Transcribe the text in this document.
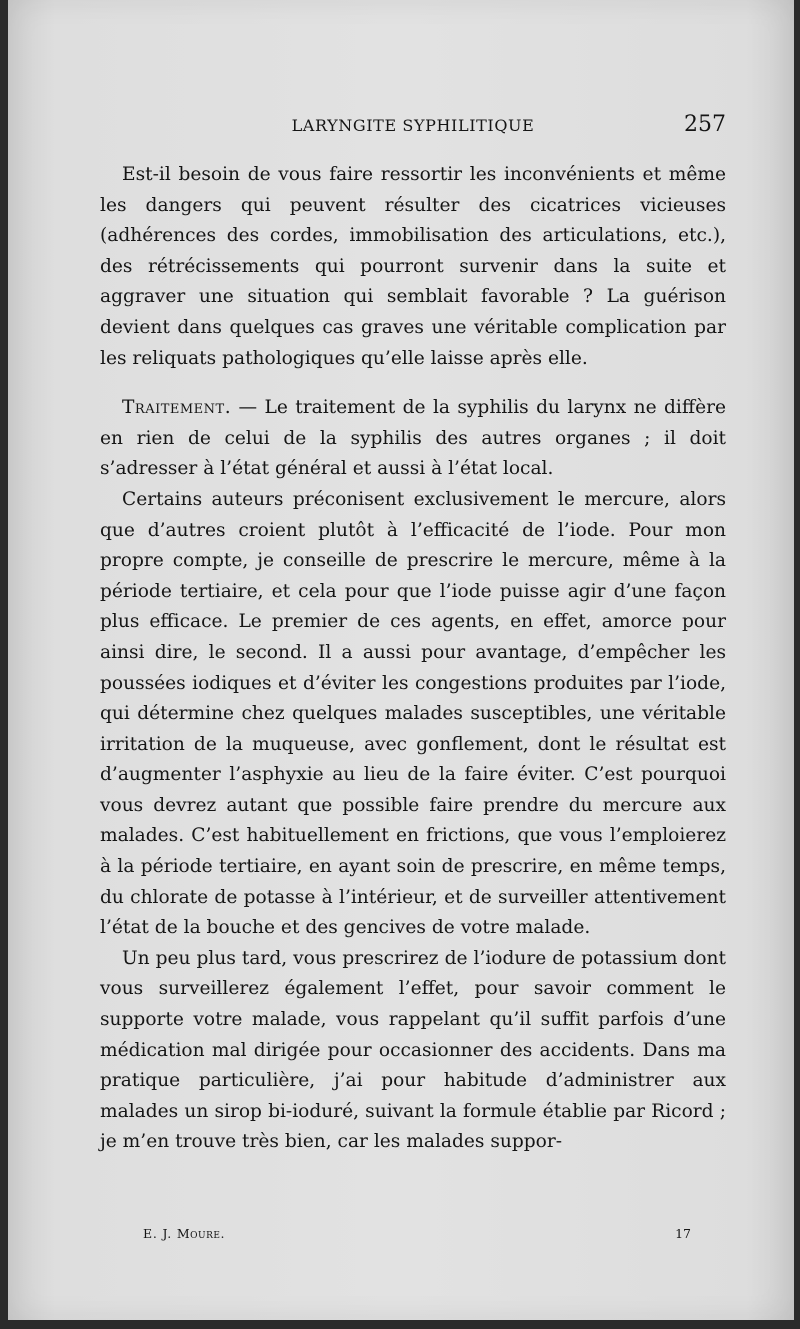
LARYNGITE SYPHILITIQUE	257

Est-il besoin de vous faire ressortir les inconvénients et même les dangers qui peuvent résulter des cicatrices vicieuses (adhérences des cordes, immobilisation des articulations, etc.), des rétrécissements qui pourront survenir dans la suite et aggraver une situation qui semblait favorable ? La guérison devient dans quelques cas graves une véritable complication par les reliquats pathologiques qu’elle laisse après elle.

Traitement. — Le traitement de la syphilis du larynx ne diffère en rien de celui de la syphilis des autres organes ; il doit s’adresser à l’état général et aussi à l’état local.

Certains auteurs préconisent exclusivement le mercure, alors que d’autres croient plutôt à l’efficacité de l’iode. Pour mon propre compte, je conseille de prescrire le mercure, même à la période tertiaire, et cela pour que l’iode puisse agir d’une façon plus efficace. Le premier de ces agents, en effet, amorce pour ainsi dire, le second. Il a aussi pour avantage, d’empêcher les poussées iodiques et d’éviter les congestions produites par l’iode, qui détermine chez quelques malades susceptibles, une véritable irritation de la muqueuse, avec gonflement, dont le résultat est d’augmenter l’asphyxie au lieu de la faire éviter. C’est pourquoi vous devrez autant que possible faire prendre du mercure aux malades. C’est habituellement en frictions, que vous l’emploierez à la période tertiaire, en ayant soin de prescrire, en même temps, du chlorate de potasse à l’intérieur, et de surveiller attentivement l’état de la bouche et des gencives de votre malade.

Un peu plus tard, vous prescrirez de l’iodure de potassium dont vous surveillerez également l’effet, pour savoir comment le supporte votre malade, vous rappelant qu’il suffit parfois d’une médication mal dirigée pour occasionner des accidents. Dans ma pratique particulière, j’ai pour habitude d’administrer aux malades un sirop bi-ioduré, suivant la formule établie par Ricord ; je m’en trouve très bien, car les malades suppor-

E. J. Moure.	17
